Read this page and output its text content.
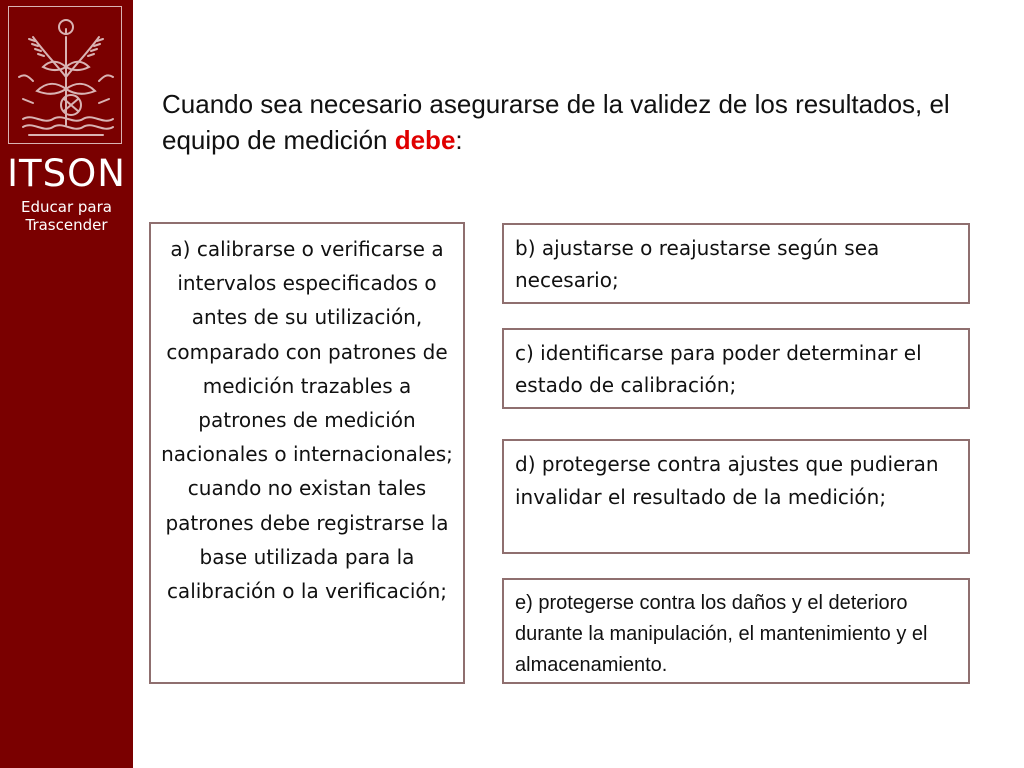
ITSON
Educar para
Trascender
Cuando sea necesario asegurarse de la validez de los resultados, el equipo de medición debe:
a) calibrarse o verificarse a intervalos especificados o antes de su utilización, comparado con patrones de medición trazables a patrones de medición nacionales o internacionales; cuando no existan tales patrones debe registrarse la base utilizada para la calibración o la verificación;
b) ajustarse o reajustarse según sea necesario;
c) identificarse para poder determinar el estado de calibración;
d) protegerse contra ajustes que pudieran invalidar el resultado de la medición;
e) protegerse contra los daños y el deterioro durante la manipulación, el mantenimiento y el almacenamiento.
